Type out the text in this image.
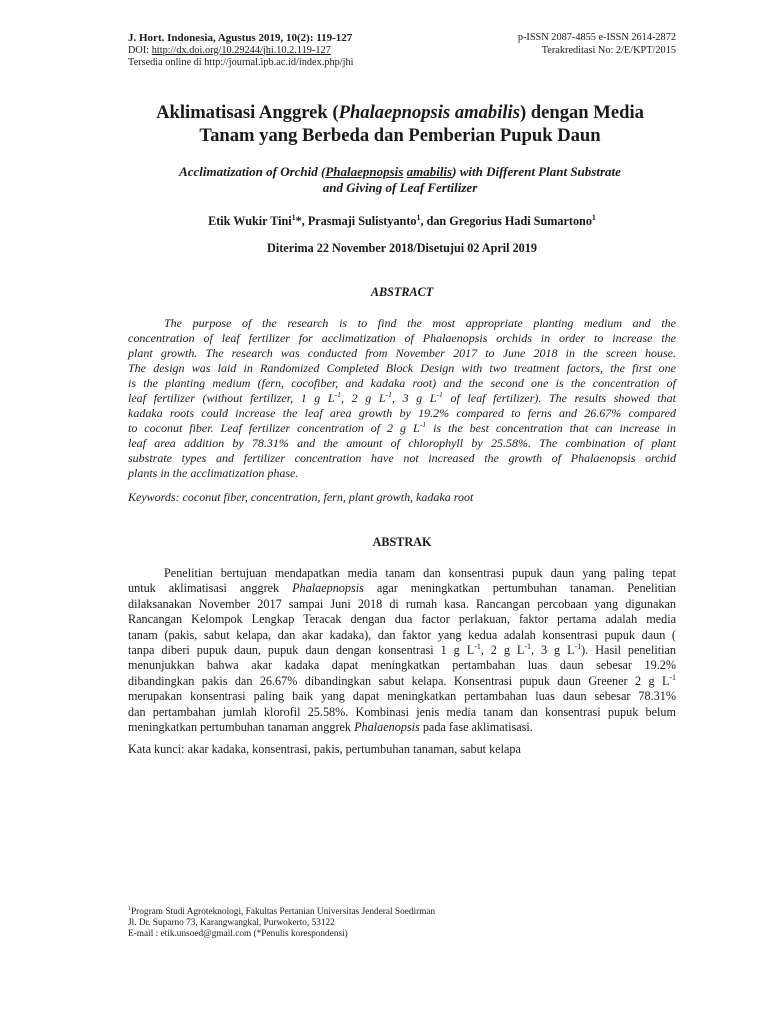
J. Hort. Indonesia, Agustus 2019, 10(2): 119-127	p-ISSN 2087-4855 e-ISSN 2614-2872
DOI: http://dx.doi.org/10.29244/jhi.10.2.119-127	Terakreditasi No: 2/E/KPT/2015
Tersedia online di http://journal.ipb.ac.id/index.php/jhi
Aklimatisasi Anggrek (Phalaepnopsis amabilis) dengan Media
Tanam yang Berbeda dan Pemberian Pupuk Daun
Acclimatization of Orchid (Phalaepnopsis amabilis) with Different Plant Substrate
and Giving of Leaf Fertilizer
Etik Wukir Tini$^1$*, Prasmaji Sulistyanto$^1$, dan Gregorius Hadi Sumartono$^1$
Diterima 22 November 2018/Disetujui 02 April 2019
ABSTRACT
The purpose of the research is to find the most appropriate planting medium and the
concentration of leaf fertilizer for acclimatization of Phalaenopsis orchids in order to increase the
plant growth. The research was conducted from November 2017 to June 2018 in the screen house.
The design was laid in Randomized Completed Block Design with two treatment factors, the first one
is the planting medium (fern, cocofiber, and kadaka root) and the second one is the concentration of
leaf fertilizer (without fertilizer, 1 g $L^{-1}$, 2 g $L^{-1}$, 3 g $L^{-1}$ of leaf fertilizer). The results showed that
kadaka roots could increase the leaf area growth by 19.2% compared to ferns and 26.67% compared
to coconut fiber. Leaf fertilizer concentration of 2 g $L^{-1}$ is the best concentration that can increase in
leaf area addition by 78.31% and the amount of chlorophyll by 25.58%. The combination of plant
substrate types and fertilizer concentration have not increased the growth of Phalaenopsis orchid
plants in the acclimatization phase.
Keywords: coconut fiber, concentration, fern, plant growth, kadaka root
ABSTRAK
Penelitian bertujuan mendapatkan media tanam dan konsentrasi pupuk daun yang paling tepat
untuk aklimatisasi anggrek Phalaepnopsis agar meningkatkan pertumbuhan tanaman. Penelitian
dilaksanakan November 2017 sampai Juni 2018 di rumah kasa. Rancangan percobaan yang digunakan
Rancangan Kelompok Lengkap Teracak dengan dua factor perlakuan, faktor pertama adalah media
tanam (pakis, sabut kelapa, dan akar kadaka), dan faktor yang kedua adalah konsentrasi pupuk daun (
tanpa diberi pupuk daun, pupuk daun dengan konsentrasi 1 g $L^{-1}$, 2 g $L^{-1}$, 3 g $L^{-1}$). Hasil penelitian
menunjukkan bahwa akar kadaka dapat meningkatkan pertambahan luas daun sebesar 19.2%
dibandingkan pakis dan 26.67% dibandingkan sabut kelapa. Konsentrasi pupuk daun Greener 2 g $L^{-1}$
merupakan konsentrasi paling baik yang dapat meningkatkan pertambahan luas daun sebesar 78.31%
dan pertambahan jumlah klorofil 25.58%. Kombinasi jenis media tanam dan konsentrasi pupuk belum
meningkatkan pertumbuhan tanaman anggrek Phalaenopsis pada fase aklimatisasi.
Kata kunci: akar kadaka, konsentrasi, pakis, pertumbuhan tanaman, sabut kelapa
$^1$Program Studi Agroteknologi, Fakultas Pertanian Universitas Jenderal Soedirman
Jl. Dr. Suparno 73, Karangwangkal, Purwokerto, 53122
E-mail : etik.unsoed@gmail.com (*Penulis korespondensi)
